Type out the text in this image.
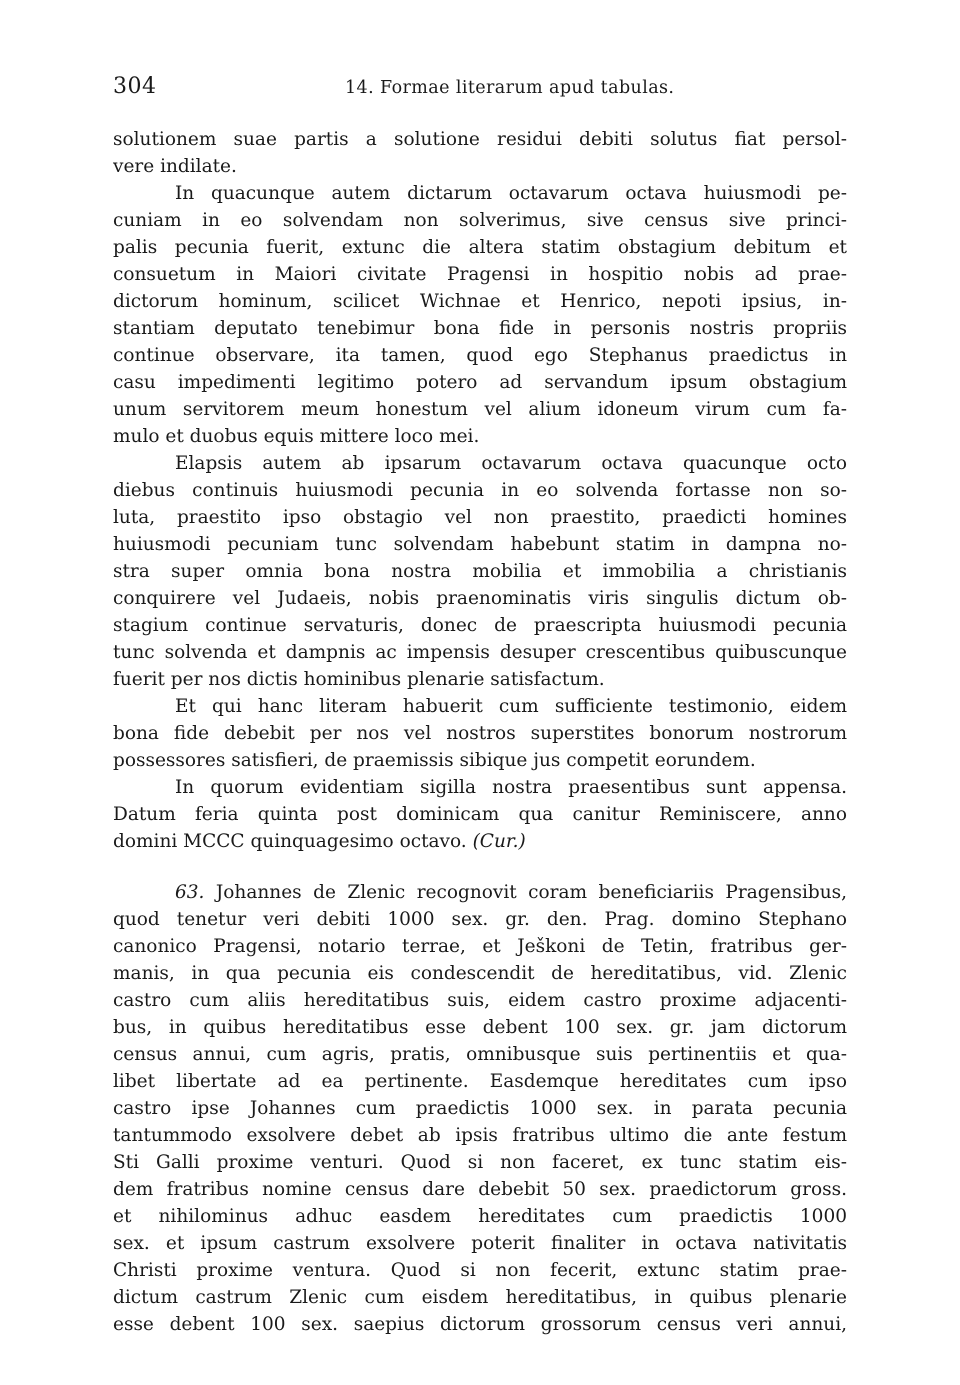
304	14. Formae literarum apud tabulas.
solutionem suae partis a solutione residui debiti solutus fiat persol-
vere indilate.
In quacunque autem dictarum octavarum octava huiusmodi pe-
cuniam in eo solvendam non solverimus, sive census sive princi-
palis pecunia fuerit, extunc die altera statim obstagium debitum et
consuetum in Maiori civitate Pragensi in hospitio nobis ad prae-
dictorum hominum, scilicet Wichnae et Henrico, nepoti ipsius, in-
stantiam deputato tenebimur bona fide in personis nostris propriis
continue observare, ita tamen, quod ego Stephanus praedictus in
casu impedimenti legitimo potero ad servandum ipsum obstagium
unum servitorem meum honestum vel alium idoneum virum cum fa-
mulo et duobus equis mittere loco mei.
Elapsis autem ab ipsarum octavarum octava quacunque octo
diebus continuis huiusmodi pecunia in eo solvenda fortasse non so-
luta, praestito ipso obstagio vel non praestito, praedicti homines
huiusmodi pecuniam tunc solvendam habebunt statim in dampna no-
stra super omnia bona nostra mobilia et immobilia a christianis
conquirere vel Judaeis, nobis praenominatis viris singulis dictum ob-
stagium continue servaturis, donec de praescripta huiusmodi pecunia
tunc solvenda et dampnis ac impensis desuper crescentibus quibuscunque
fuerit per nos dictis hominibus plenarie satisfactum.
Et qui hanc literam habuerit cum sufficiente testimonio, eidem
bona fide debebit per nos vel nostros superstites bonorum nostrorum
possessores satisfieri, de praemissis sibique jus competit eorundem.
In quorum evidentiam sigilla nostra praesentibus sunt appensa.
Datum feria quinta post dominicam qua canitur Reminiscere, anno
domini MCCC quinquagesimo octavo. (Cur.)
63. Johannes de Zlenic recognovit coram beneficiariis Pragensibus,
quod tenetur veri debiti 1000 sex. gr. den. Prag. domino Stephano
canonico Pragensi, notario terrae, et Ješkoni de Tetin, fratribus ger-
manis, in qua pecunia eis condescendit de hereditatibus, vid. Zlenic
castro cum aliis hereditatibus suis, eidem castro proxime adjacenti-
bus, in quibus hereditatibus esse debent 100 sex. gr. jam dictorum
census annui, cum agris, pratis, omnibusque suis pertinentiis et qua-
libet libertate ad ea pertinente. Easdemque hereditates cum ipso
castro ipse Johannes cum praedictis 1000 sex. in parata pecunia
tantummodo exsolvere debet ab ipsis fratribus ultimo die ante festum
Sti Galli proxime venturi. Quod si non faceret, ex tunc statim eis-
dem fratribus nomine census dare debebit 50 sex. praedictorum gross.
et nihilominus adhuc easdem hereditates cum praedictis 1000
sex. et ipsum castrum exsolvere poterit finaliter in octava nativitatis
Christi proxime ventura. Quod si non fecerit, extunc statim prae-
dictum castrum Zlenic cum eisdem hereditatibus, in quibus plenarie
esse debent 100 sex. saepius dictorum grossorum census veri annui,
